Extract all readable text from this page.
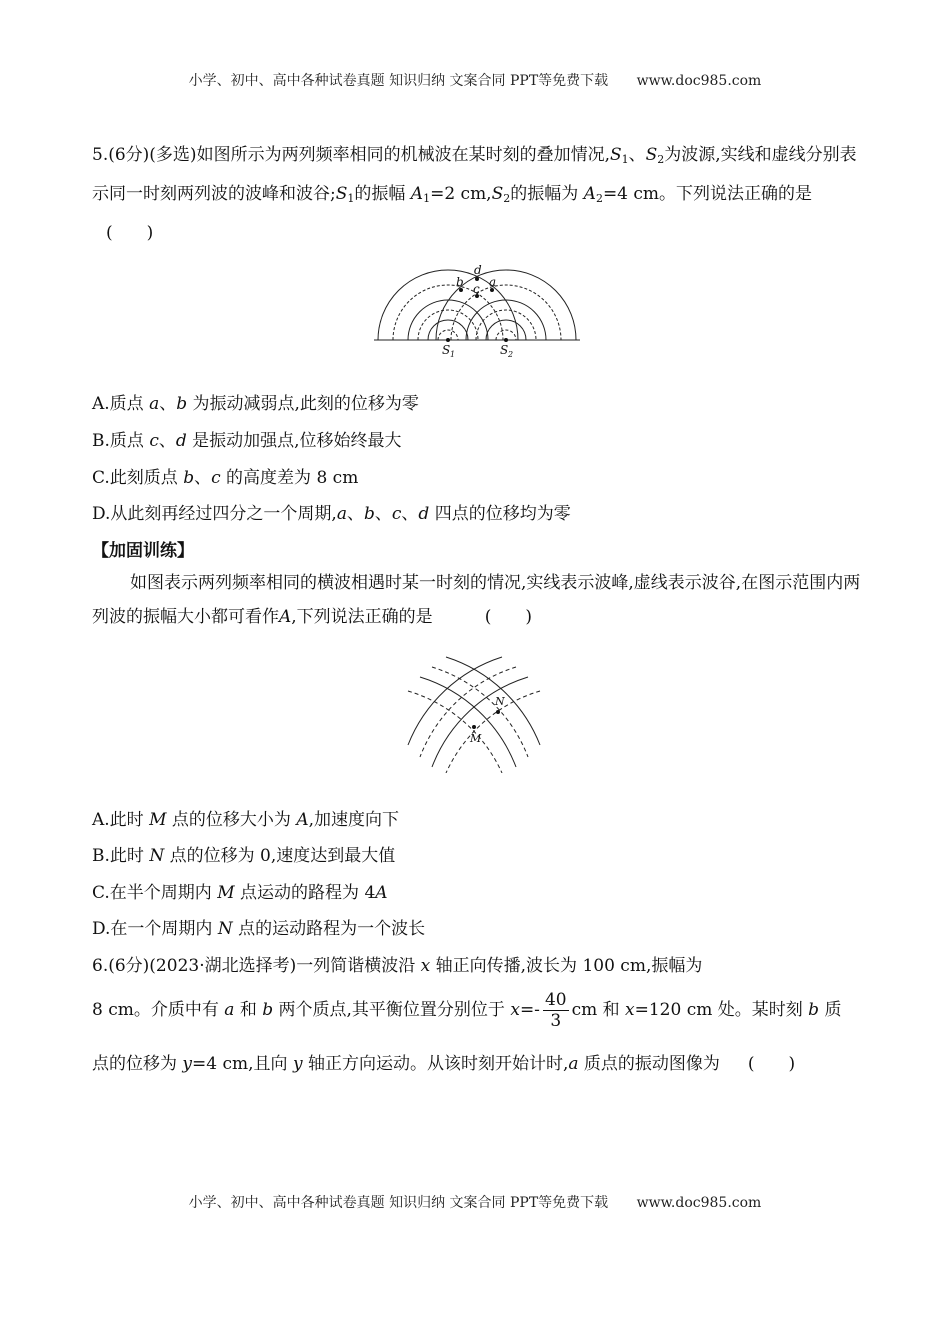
小学、初中、高中各种试卷真题 知识归纳 文案合同 PPT等免费下载 www.doc985.com
5.(6分)(多选)如图所示为两列频率相同的机械波在某时刻的叠加情况$,S_1$、$S_2$为波源,实线和虚线分别表示同一时刻两列波的波峰和波谷$;S_1$的振幅 $A_1=2$ $cm,S_2$的振幅为 $A_2=4$ cm。下列说法正确的是(　　)
d
b c a
S 1	S 2
A.质点 a、b 为振动减弱点,此刻的位移为零
B.质点 c、d 是振动加强点,位移始终最大
C.此刻质点 b、c 的高度差为 8 cm
D.从此刻再经过四分之一个周期,a、b、c、d 四点的位移均为零
【加固训练】
如图表示两列频率相同的横波相遇时某一时刻的情况,实线表示波峰,虚线表示波谷,在图示范围内两列波的振幅大小都可看作A,下列说法正确的是	(　　)
N
M
A.此时 M 点的位移大小为 A,加速度向下
B.此时 N 点的位移为 0,速度达到最大值
C.在半个周期内 M 点运动的路程为 4A
D.在一个周期内 N 点的运动路程为一个波长
6.(6分)(2023·湖北选择考)一列简谐横波沿 x 轴正向传播,波长为 100 cm,振幅为
8 cm。介质中有 a 和 b 两个质点,其平衡位置分别位于 $x=- \frac{40}{3}$ cm 和 x=120 cm 处。某时刻 b 质
点的位移为 y=4 cm,且向 y 轴正方向运动。从该时刻开始计时,a 质点的振动图像为 (　　)
小学、初中、高中各种试卷真题 知识归纳 文案合同 PPT等免费下载 www.doc985.com
